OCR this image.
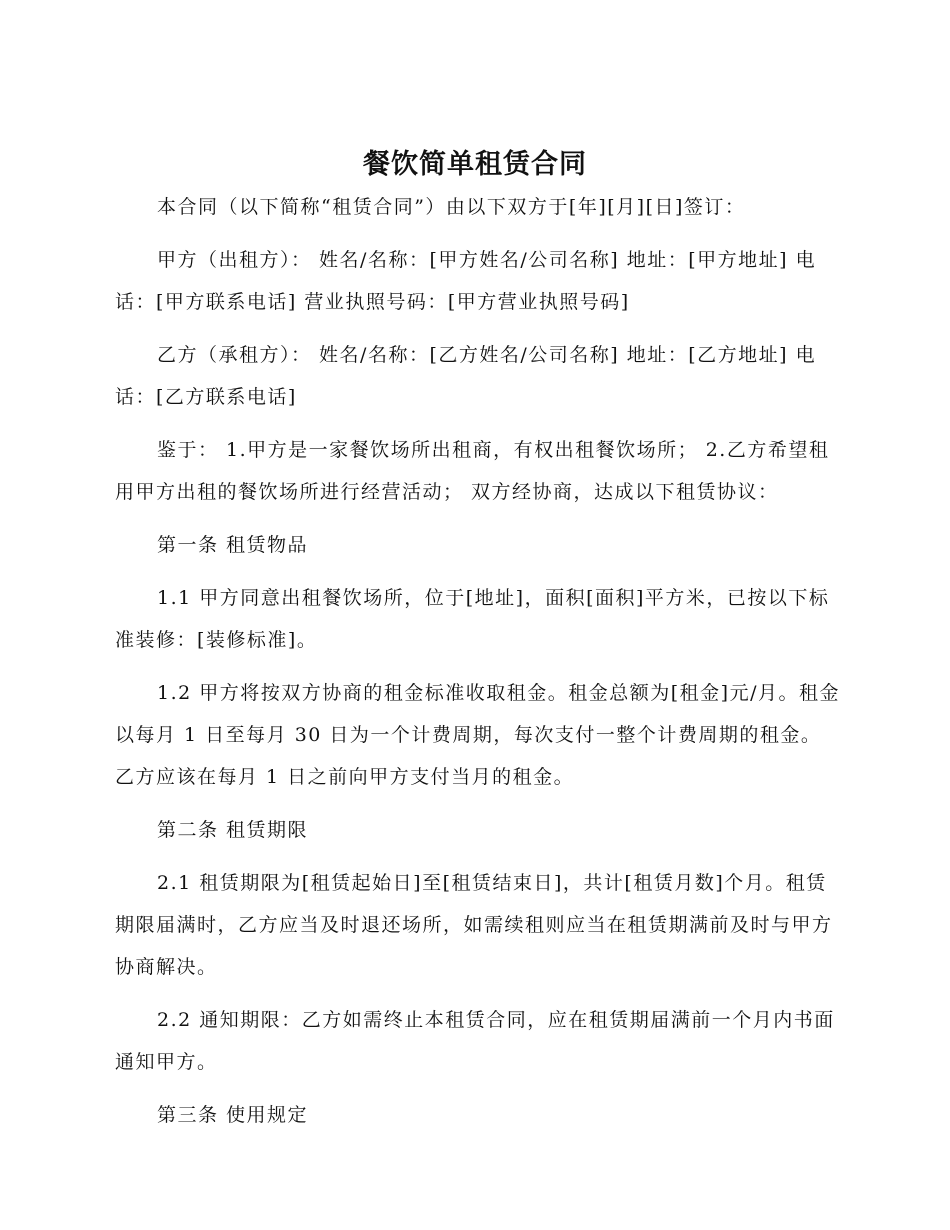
餐饮简单租赁合同

本合同（以下简称“租赁合同”）由以下双方于[年][月][日]签订：

甲方（出租方）： 姓名/名称：[甲方姓名/公司名称] 地址：[甲方地址] 电话：[甲方联系电话] 营业执照号码：[甲方营业执照号码]

乙方（承租方）： 姓名/名称：[乙方姓名/公司名称] 地址：[乙方地址] 电话：[乙方联系电话]

鉴于： 1.甲方是一家餐饮场所出租商，有权出租餐饮场所； 2.乙方希望租用甲方出租的餐饮场所进行经营活动； 双方经协商，达成以下租赁协议：

第一条 租赁物品

1.1 甲方同意出租餐饮场所，位于[地址]，面积[面积]平方米，已按以下标准装修：[装修标准]。

1.2 甲方将按双方协商的租金标准收取租金。租金总额为[租金]元/月。租金以每月 1 日至每月 30 日为一个计费周期，每次支付一整个计费周期的租金。乙方应该在每月 1 日之前向甲方支付当月的租金。

第二条 租赁期限

2.1 租赁期限为[租赁起始日]至[租赁结束日]，共计[租赁月数]个月。租赁期限届满时，乙方应当及时退还场所，如需续租则应当在租赁期满前及时与甲方协商解决。

2.2 通知期限：乙方如需终止本租赁合同，应在租赁期届满前一个月内书面通知甲方。

第三条 使用规定
